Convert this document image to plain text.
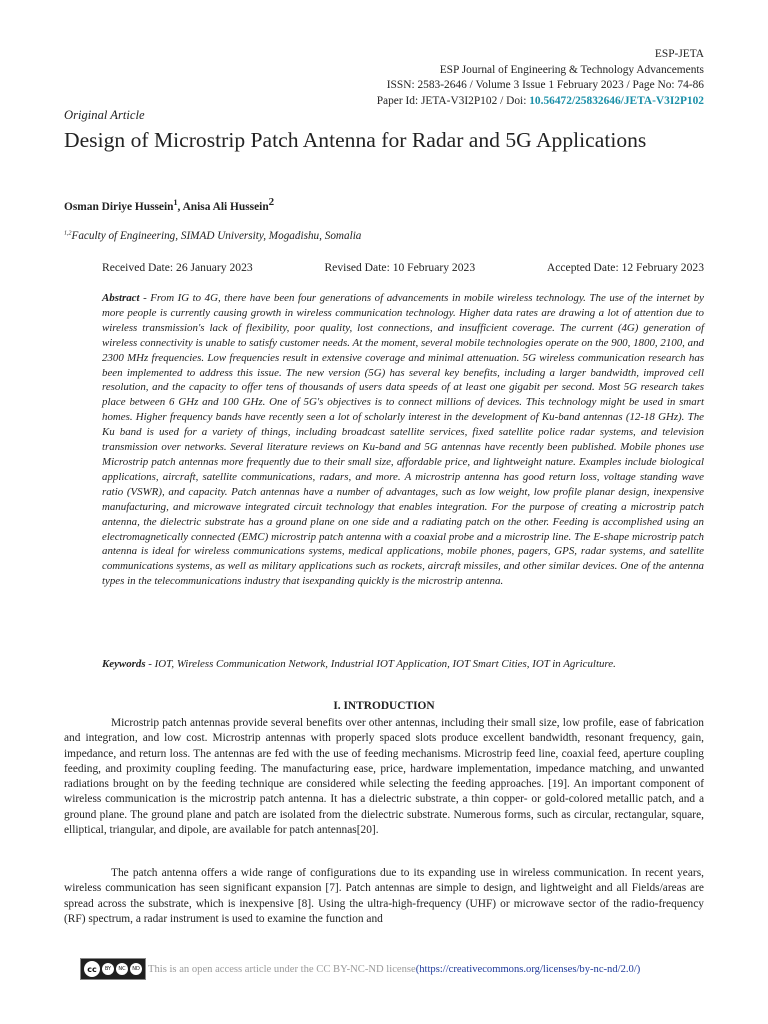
ESP-JETA
ESP Journal of Engineering & Technology Advancements
ISSN: 2583-2646 / Volume 3 Issue 1 February 2023 / Page No: 74-86
Paper Id: JETA-V3I2P102 / Doi: 10.56472/25832646/JETA-V3I2P102
Original Article
Design of Microstrip Patch Antenna for Radar and 5G Applications
Osman Diriye Hussein$^1$, Anisa Ali Hussein$^2$
$^{1,2}$Faculty of Engineering, SIMAD University, Mogadishu, Somalia
Received Date: 26 January 2023	Revised Date: 10 February 2023	Accepted Date: 12 February 2023

Abstract - From IG to 4G, there have been four generations of advancements in mobile wireless technology. The use of the internet by more people is currently causing growth in wireless communication technology. Higher data rates are drawing a lot of attention due to wireless transmission's lack of flexibility, poor quality, lost connections, and insufficient coverage. The current (4G) generation of wireless connectivity is unable to satisfy customer needs. At the moment, several mobile technologies operate on the 900, 1800, 2100, and 2300 MHz frequencies. Low frequencies result in extensive coverage and minimal attenuation. 5G wireless communication research has been implemented to address this issue. The new version (5G) has several key benefits, including a larger bandwidth, improved cell resolution, and the capacity to offer tens of thousands of users data speeds of at least one gigabit per second. Most 5G research takes place between 6 GHz and 100 GHz. One of 5G's objectives is to connect millions of devices. This technology might be used in smart homes. Higher frequency bands have recently seen a lot of scholarly interest in the development of Ku-band antennas (12-18 GHz). The Ku band is used for a variety of things, including broadcast satellite services, fixed satellite police radar systems, and television transmission over networks. Several literature reviews on Ku-band and 5G antennas have recently been published. Mobile phones use Microstrip patch antennas more frequently due to their small size, affordable price, and lightweight nature. Examples include biological applications, aircraft, satellite communications, radars, and more. A microstrip antenna has good return loss, voltage standing wave ratio (VSWR), and capacity. Patch antennas have a number of advantages, such as low weight, low profile planar design, inexpensive manufacturing, and microwave integrated circuit technology that enables integration. For the purpose of creating a microstrip patch antenna, the dielectric substrate has a ground plane on one side and a radiating patch on the other. Feeding is accomplished using an electromagnetically connected (EMC) microstrip patch antenna with a coaxial probe and a microstrip line. The E-shape microstrip patch antenna is ideal for wireless communications systems, medical applications, mobile phones, pagers, GPS, radar systems, and satellite communications systems, as well as military applications such as rockets, aircraft missiles, and other similar devices. One of the antenna types in the telecommunications industry that isexpanding quickly is the microstrip antenna.

Keywords - IOT, Wireless Communication Network, Industrial IOT Application, IOT Smart Cities, IOT in Agriculture.

I. INTRODUCTION

Microstrip patch antennas provide several benefits over other antennas, including their small size, low profile, ease of fabrication and integration, and low cost. Microstrip antennas with properly spaced slots produce excellent bandwidth, resonant frequency, gain, impedance, and return loss. The antennas are fed with the use of feeding mechanisms. Microstrip feed line, coaxial feed, aperture coupling feeding, and proximity coupling feeding. The manufacturing ease, price, hardware implementation, impedance matching, and unwanted radiations brought on by the feeding technique are considered while selecting the feeding approaches. [19]. An important component of wireless communication is the microstrip patch antenna. It has a dielectric substrate, a thin copper- or gold-colored metallic patch, and a ground plane. The ground plane and patch are isolated from the dielectric substrate. Numerous forms, such as circular, rectangular, square, elliptical, triangular, and dipole, are available for patch antennas[20].

The patch antenna offers a wide range of configurations due to its expanding use in wireless communication. In recent years, wireless communication has seen significant expansion [7]. Patch antennas are simple to design, and lightweight and all Fields/areas are spread across the substrate, which is inexpensive [8]. Using the ultra-high-frequency (UHF) or microwave sector of the radio-frequency (RF) spectrum, a radar instrument is used to examine the function and

cc	BY	NC	ND This is an open access article under the CC BY-NC-ND license (https://creativecommons.org/licenses/by-nc-nd/2.0/)
